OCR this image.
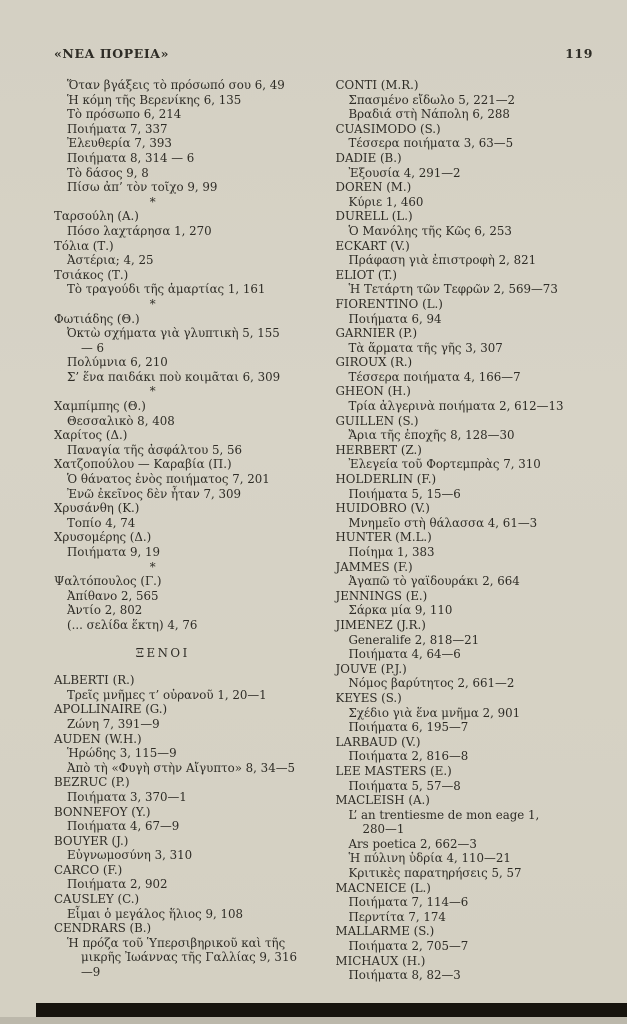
«ΝΕΑ ΠΟΡΕΙΑ»	119
Ὅταν βγάξεις τὸ πρόσωπό σου 6, 49
Ἡ κόμη τῆς Βερενίκης 6, 135
Τὸ πρόσωπο 6, 214
Ποιήματα 7, 337
Ἐλευθερία 7, 393
Ποιήματα 8, 314 — 6
Τὸ δάσος 9, 8
Πίσω ἀπ’ τὸν τοῖχο 9, 99
*
Ταρσούλη (Α.)
Πόσο λαχτάρησα 1, 270
Τόλια (Τ.)
Ἀστέρια; 4, 25
Τσιάκος (Τ.)
Τὸ τραγούδι τῆς ἁμαρτίας 1, 161
*
Φωτιάδης (Θ.)
Ὀκτὼ σχήματα γιὰ γλυπτικὴ 5, 155
— 6
Πολύμνια 6, 210
Σ’ ἕνα παιδάκι ποὺ κοιμᾶται 6, 309
*
Χαμπίμπης (Θ.)
Θεσσαλικὸ 8, 408
Χαρίτος (Δ.)
Παναγία τῆς ἀσφάλτου 5, 56
Χατζοπούλου — Καραβία (Π.)
Ὁ θάνατος ἑνὸς ποιήματος 7, 201
Ἐνῶ ἐκεῖνος δὲν ἦταν 7, 309
Χρυσάνθη (Κ.)
Τοπίο 4, 74
Χρυσομέρης (Δ.)
Ποιήματα 9, 19
*
Ψαλτόπουλος (Γ.)
Ἀπίθανο 2, 565
Ἀντίο 2, 802
(... σελίδα ἕκτη) 4, 76
ΞΕΝΟΙ
ALBERTI (R.)
Τρεῖς μνῆμες τ’ οὐρανοῦ 1, 20—1
APOLLINAIRE (G.)
Ζώνη 7, 391—9
AUDEN (W.H.)
Ἡρώδης 3, 115—9
Ἀπὸ τὴ «Φυγὴ στὴν Αἴγυπτο» 8, 34—5
BEZRUC (P.)
Ποιήματα 3, 370—1
BONNEFOY (Y.)
Ποιήματα 4, 67—9
BOUYER (J.)
Εὐγνωμοσύνη 3, 310
CARCO (F.)
Ποιήματα 2, 902
CAUSLEY (C.)
Εἶμαι ὁ μεγάλος ἥλιος 9, 108
CENDRARS (B.)
Ἡ πρόζα τοῦ Ὑπερσιβηρικοῦ καὶ τῆς
μικρῆς Ἰωάννας τῆς Γαλλίας 9, 316
—9
CONTI (M.R.)
Σπασμένο εἴδωλο 5, 221—2
Βραδιά στὴ Νάπολη 6, 288
CUASIMODO (S.)
Τέσσερα ποιήματα 3, 63—5
DADIE (B.)
Ἐξουσία 4, 291—2
DOREN (M.)
Κύριε 1, 460
DURELL (L.)
Ὁ Μανόλης τῆς Κῶς 6, 253
ECKART (V.)
Πράφαση γιὰ ἐπιστροφὴ 2, 821
ELIOT (T.)
Ἡ Τετάρτη τῶν Τεφρῶν 2, 569—73
FIORENTINO (L.)
Ποιήματα 6, 94
GARNIER (P.)
Τὰ ἅρματα τῆς γῆς 3, 307
GIROUX (R.)
Τέσσερα ποιήματα 4, 166—7
GHEON (H.)
Τρία ἀλγερινὰ ποιήματα 2, 612—13
GUILLEN (S.)
Ἄρια τῆς ἐποχῆς 8, 128—30
HERBERT (Z.)
Ἐλεγεία τοῦ Φορτεμπρὰς 7, 310
HOLDERLIN (F.)
Ποιήματα 5, 15—6
HUIDOBRO (V.)
Μνημεῖο στὴ θάλασσα 4, 61—3
HUNTER (M.L.)
Ποίημα 1, 383
JAMMES (F.)
Ἀγαπῶ τὸ γαϊδουράκι 2, 664
JENNINGS (E.)
Σάρκα μία 9, 110
JIMENEZ (J.R.)
Generalife 2, 818—21
Ποιήματα 4, 64—6
JOUVE (P.J.)
Νόμος βαρύτητος 2, 661—2
KEYES (S.)
Σχέδιο γιὰ ἕνα μνῆμα 2, 901
Ποιήματα 6, 195—7
LARBAUD (V.)
Ποιήματα 2, 816—8
LEE MASTERS (E.)
Ποιήματα 5, 57—8
MACLEISH (A.)
L’ an trentiesme de mon eage 1,
280—1
Ars poetica 2, 662—3
Ἡ πύλινη ὑδρία 4, 110—21
Κριτικὲς παρατηρήσεις 5, 57
MACNEICE (L.)
Ποιήματα 7, 114—6
Περντίτα 7, 174
MALLARME (S.)
Ποιήματα 2, 705—7
MICHAUX (H.)
Ποιήματα 8, 82—3
